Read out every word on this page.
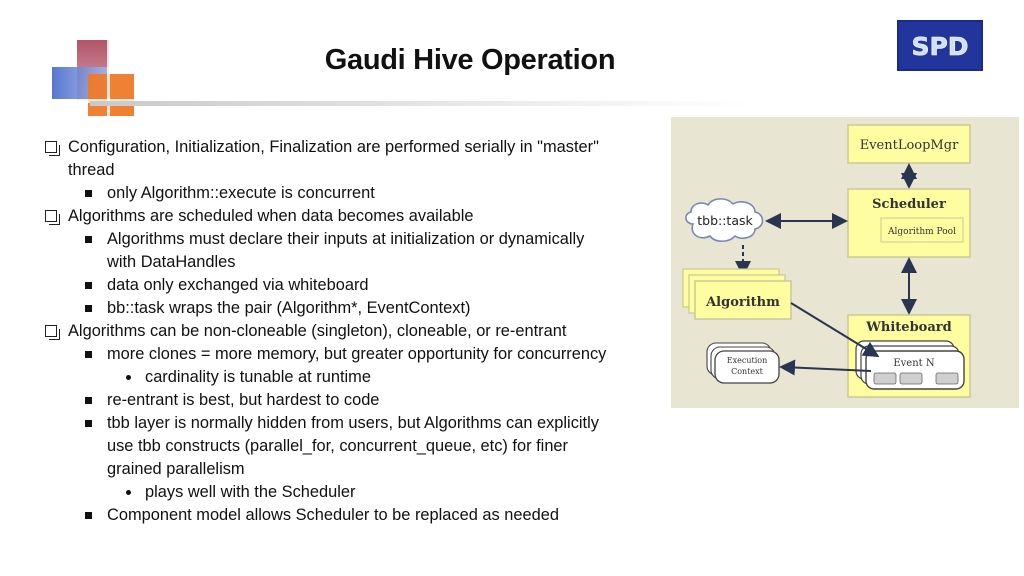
Gaudi Hive Operation	SPD
Configuration, Initialization, Finalization are performed serially in "master"
thread
only Algorithm::execute is concurrent
Algorithms are scheduled when data becomes available
Algorithms must declare their inputs at initialization or dynamically
with DataHandles
data only exchanged via whiteboard
bb::task wraps the pair (Algorithm*, EventContext)
Algorithms can be non-cloneable (singleton), cloneable, or re-entrant
more clones = more memory, but greater opportunity for concurrency
cardinality is tunable at runtime
re-entrant is best, but hardest to code
tbb layer is normally hidden from users, but Algorithms can explicitly
use tbb constructs (parallel_for, concurrent_queue, etc) for finer
grained parallelism
plays well with the Scheduler
Component model allows Scheduler to be replaced as needed
EventLoopMgr
Scheduler
Algorithm Pool
tbb::task
Algorithm
Whiteboard
Event N
Execution
Context
